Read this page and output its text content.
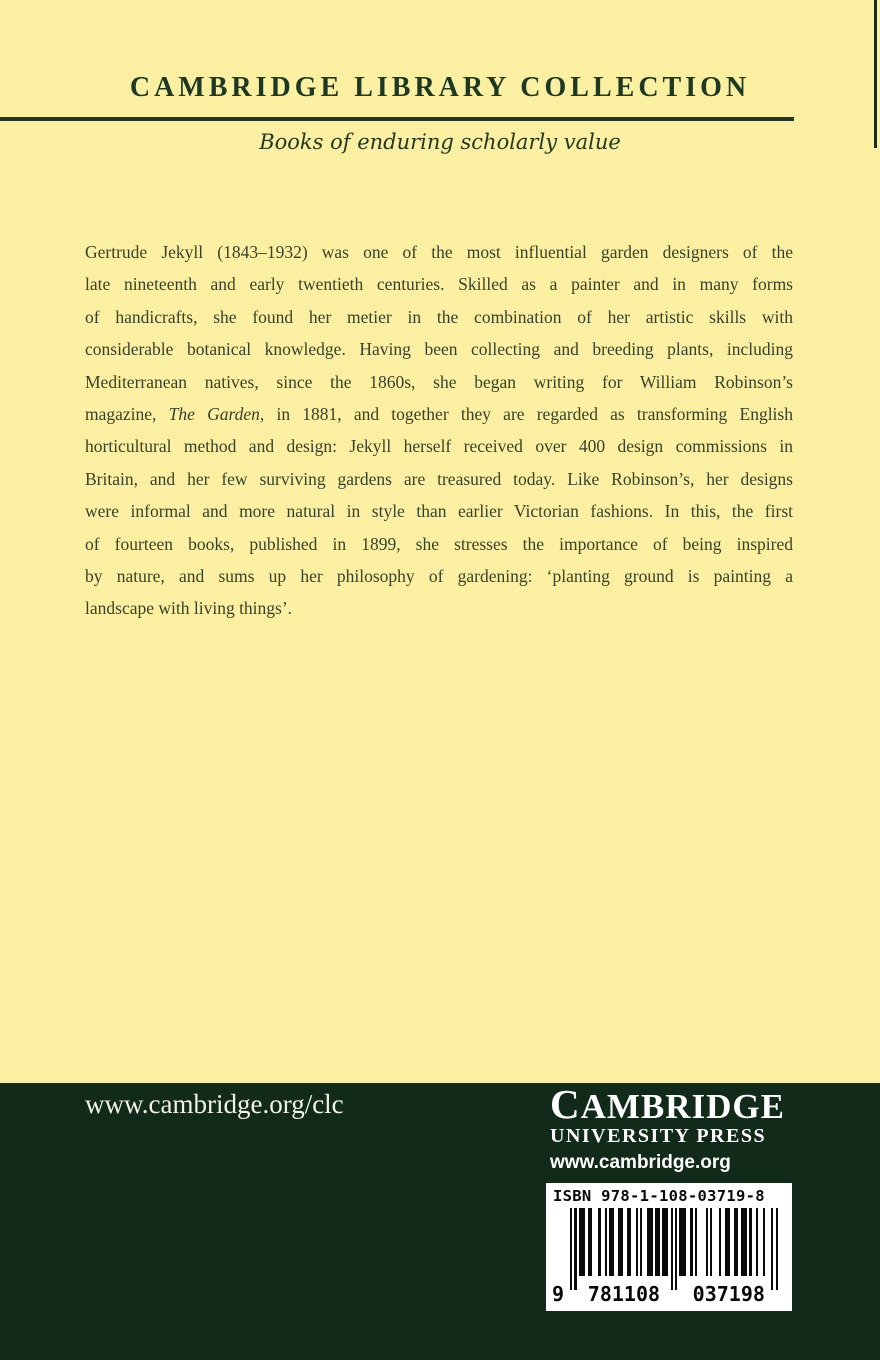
CAMBRIDGE LIBRARY COLLECTION
Books of enduring scholarly value
Gertrude Jekyll (1843–1932) was one of the most influential garden designers of the
late nineteenth and early twentieth centuries. Skilled as a painter and in many forms
of handicrafts, she found her metier in the combination of her artistic skills with
considerable botanical knowledge. Having been collecting and breeding plants, including
Mediterranean natives, since the 1860s, she began writing for William Robinson’s
magazine, The Garden, in 1881, and together they are regarded as transforming English
horticultural method and design: Jekyll herself received over 400 design commissions in
Britain, and her few surviving gardens are treasured today. Like Robinson’s, her designs
were informal and more natural in style than earlier Victorian fashions. In this, the first
of fourteen books, published in 1899, she stresses the importance of being inspired
by nature, and sums up her philosophy of gardening: ‘planting ground is painting a
landscape with living things’.
www.cambridge.org/clc	CAMBRIDGE
UNIVERSITY PRESS
www.cambridge.org
ISBN 978-1-108-03719-8
9 781108 037198
